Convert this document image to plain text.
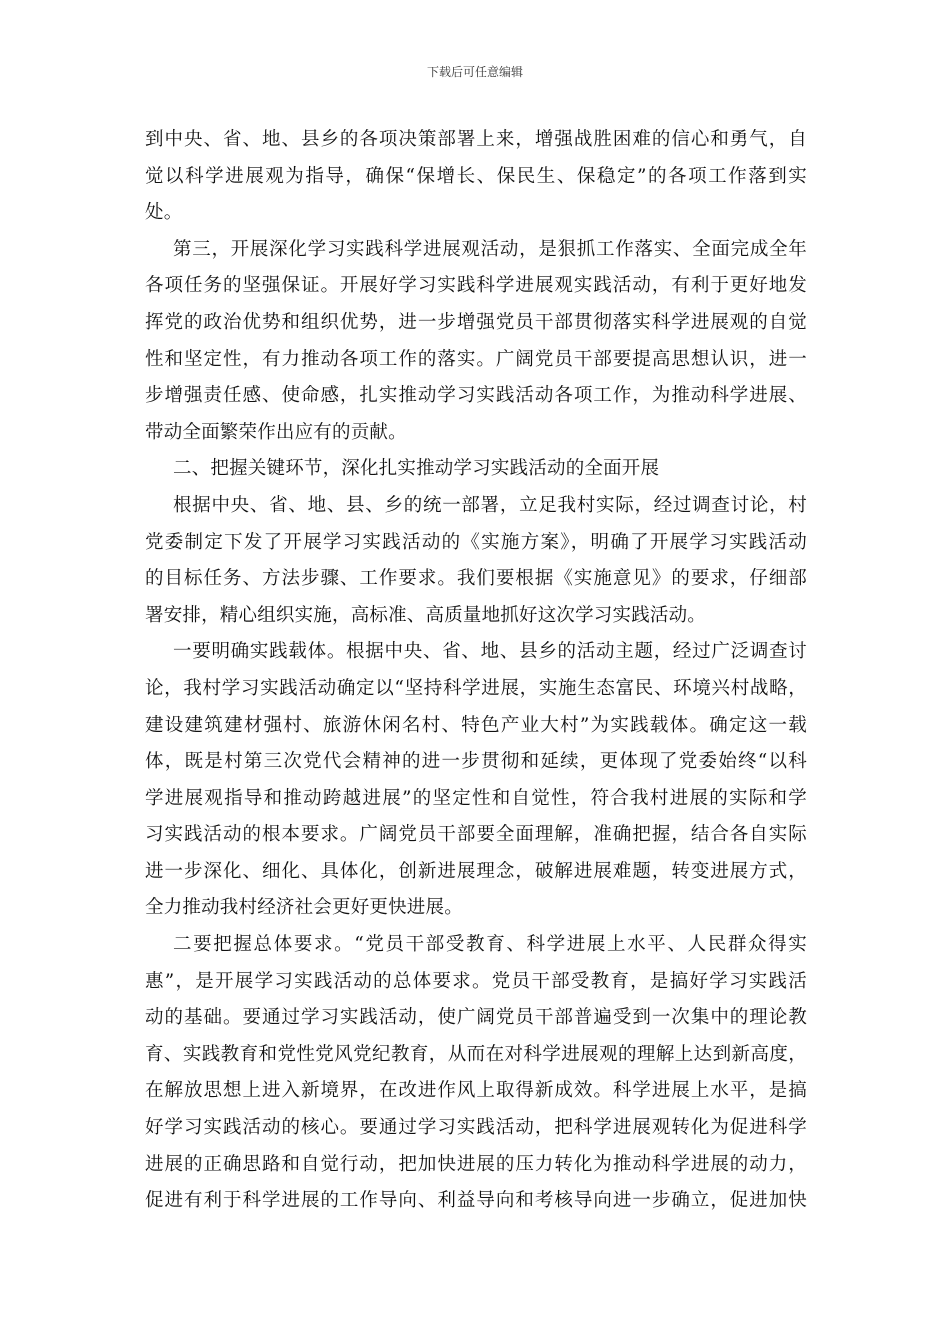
下载后可任意编辑
到中央、省、地、县乡的各项决策部署上来，增强战胜困难的信心和勇气，自
觉以科学进展观为指导，确保“保增长、保民生、保稳定”的各项工作落到实
处。
第三，开展深化学习实践科学进展观活动，是狠抓工作落实、全面完成全年
各项任务的坚强保证。开展好学习实践科学进展观实践活动，有利于更好地发
挥党的政治优势和组织优势，进一步增强党员干部贯彻落实科学进展观的自觉
性和坚定性，有力推动各项工作的落实。广阔党员干部要提高思想认识，进一
步增强责任感、使命感，扎实推动学习实践活动各项工作，为推动科学进展、
带动全面繁荣作出应有的贡献。
二、把握关键环节，深化扎实推动学习实践活动的全面开展
根据中央、省、地、县、乡的统一部署，立足我村实际，经过调查讨论，村
党委制定下发了开展学习实践活动的《实施方案》，明确了开展学习实践活动
的目标任务、方法步骤、工作要求。我们要根据《实施意见》的要求，仔细部
署安排，精心组织实施，高标准、高质量地抓好这次学习实践活动。
一要明确实践载体。根据中央、省、地、县乡的活动主题，经过广泛调查讨
论，我村学习实践活动确定以“坚持科学进展，实施生态富民、环境兴村战略，
建设建筑建材强村、旅游休闲名村、特色产业大村”为实践载体。确定这一载
体，既是村第三次党代会精神的进一步贯彻和延续，更体现了党委始终“以科
学进展观指导和推动跨越进展”的坚定性和自觉性，符合我村进展的实际和学
习实践活动的根本要求。广阔党员干部要全面理解，准确把握，结合各自实际
进一步深化、细化、具体化，创新进展理念，破解进展难题，转变进展方式，
全力推动我村经济社会更好更快进展。
二要把握总体要求。“党员干部受教育、科学进展上水平、人民群众得实
惠”，是开展学习实践活动的总体要求。党员干部受教育，是搞好学习实践活
动的基础。要通过学习实践活动，使广阔党员干部普遍受到一次集中的理论教
育、实践教育和党性党风党纪教育，从而在对科学进展观的理解上达到新高度，
在解放思想上进入新境界，在改进作风上取得新成效。科学进展上水平，是搞
好学习实践活动的核心。要通过学习实践活动，把科学进展观转化为促进科学
进展的正确思路和自觉行动，把加快进展的压力转化为推动科学进展的动力，
促进有利于科学进展的工作导向、利益导向和考核导向进一步确立，促进加快
